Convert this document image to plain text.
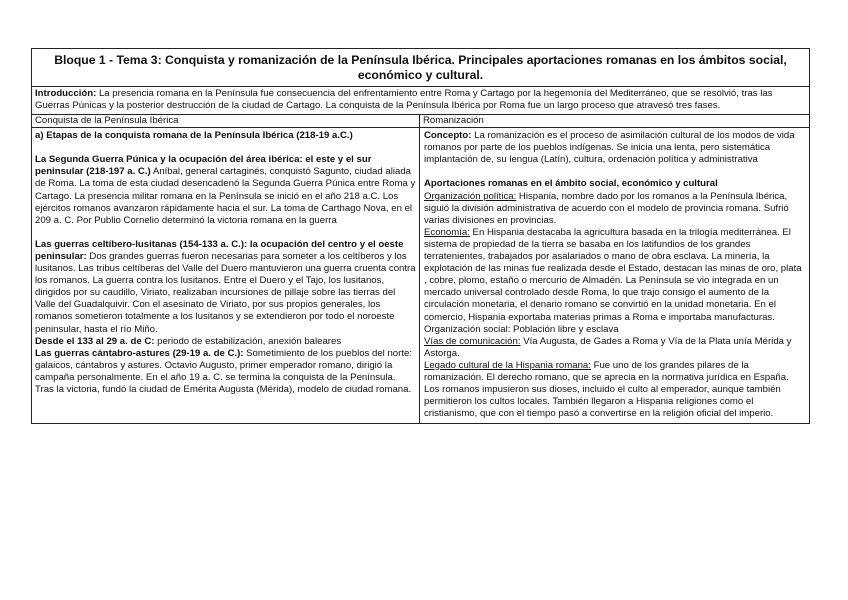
Bloque 1 - Tema 3: Conquista y romanización de la Península Ibérica. Principales aportaciones romanas en los ámbitos social, económico y cultural.
Introducción: La presencia romana en la Península fue consecuencia del enfrentamiento entre Roma y Cartago por la hegemonía del Mediterráneo, que se resolvió, tras las Guerras Púnicas y la posterior destrucción de la ciudad de Cartago. La conquista de la Península Ibérica por Roma fue un largo proceso que atravesó tres fases.
Conquista de la Península Ibérica

a) Etapas de la conquista romana de la Península Ibérica (218-19 a.C.)

La Segunda Guerra Púnica y la ocupación del área ibérica: el este y el sur peninsular (218-197 a. C.) Aníbal, general cartaginés, conquistó Sagunto, ciudad aliada de Roma. La toma de esta ciudad desencadenó la Segunda Guerra Púnica entre Roma y Cartago. La presencia militar romana en la Península se inició en el año 218 a.C. Los ejércitos romanos avanzaron rápidamente hacia el sur. La toma de Carthago Nova, en el 209 a. C. Por Publio Cornelio determinó la victoria romana en la guerra

Las guerras celtíbero-lusitanas (154-133 a. C.): la ocupación del centro y el oeste peninsular: Dos grandes guerras fueron necesarias para someter a los celtíberos y los lusitanos. Las tribus celtíberas del Valle del Duero mantuvieron una guerra cruenta contra los romanos. La guerra contra los lusitanos. Entre el Duero y el Tajo, los lusitanos, dirigidos por su caudillo, Viriato, realizaban incursiones de pillaje sobre las tierras del Valle del Guadalquivir. Con el asesinato de Viriato, por sus propios generales, los romanos sometieron totalmente a los lusitanos y se extendieron por todo el noroeste peninsular, hasta el río Miño.

Desde el 133 al 29 a. de C: periodo de estabilización, anexión baleares

Las guerras cántabro-astures (29-19 a. de C.): Sometimiento de los pueblos del norte: galaicos, cántabros y astures. Octavio Augusto, primer emperador romano, dirigió la campaña personalmente. En el año 19 a. C. se termina la conquista de la Península. Tras la victoria, fundó la ciudad de Emérita Augusta (Mérida), modelo de ciudad romana.

Romanización

Concepto: La romanización es el proceso de asimilación cultural de los modos de vida romanos por parte de los pueblos indígenas. Se inicia una lenta, pero sistemática implantación de, su lengua (Latín), cultura, ordenación política y administrativa

Aportaciones romanas en el ámbito social, económico y cultural

Organización política: Hispania, nombre dado por los romanos a la Península Ibérica, siguió la división administrativa de acuerdo con el modelo de provincia romana. Sufrió varias divisiones en provincias.

Economía: En Hispania destacaba la agricultura basada en la trilogía mediterránea. El sistema de propiedad de la tierra se basaba en los latifundios de los grandes terratenientes, trabajados por asalariados o mano de obra esclava. La minería, la explotación de las minas fue realizada desde el Estado, destacan las minas de oro, plata , cobre, plomo, estaño o mercurio de Almadén. La Península se vio integrada en un mercado universal controlado desde Roma, lo que trajo consigo el aumento de la circulación monetaria, el denario romano se convirtió en la unidad monetaria. En el comercio, Hispania exportaba materias primas a Roma e importaba manufacturas.

Organización social: Población libre y esclava

Vías de comunicación: Vía Augusta, de Gades a Roma y Vía de la Plata unía Mérida y Astorga.

Legado cultural de la Hispania romana: Fue uno de los grandes pilares de la romanización. El derecho romano, que se aprecia en la normativa jurídica en España. Los romanos impusieron sus dioses, incluido el culto al emperador, aunque también permitieron los cultos locales. También llegaron a Hispania religiones como el cristianismo, que con el tiempo pasó a convertirse en la religión oficial del imperio.
